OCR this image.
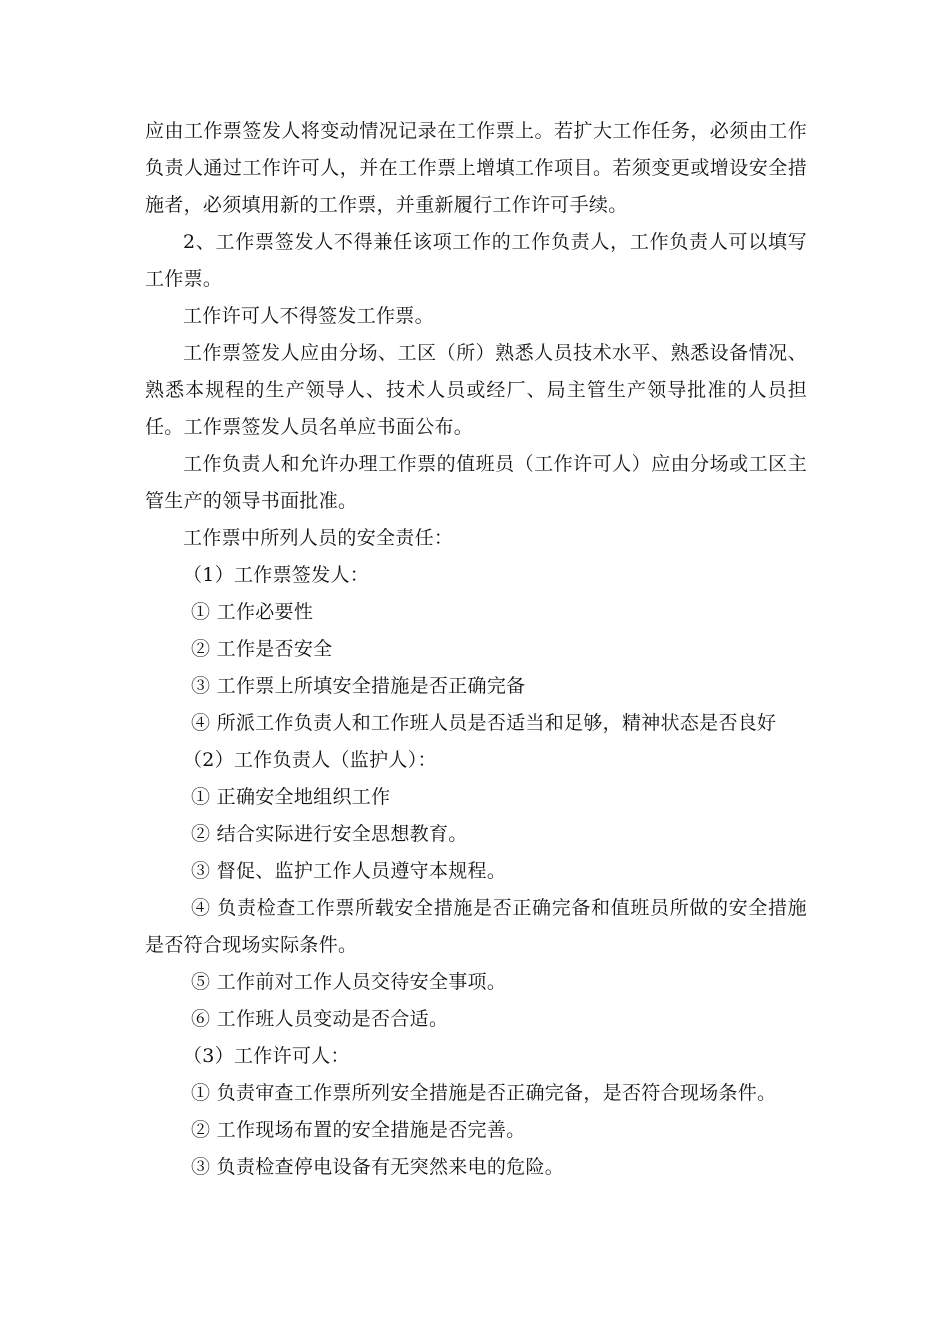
应由工作票签发人将变动情况记录在工作票上。若扩大工作任务，必须由工作负责人通过工作许可人，并在工作票上增填工作项目。若须变更或增设安全措施者，必须填用新的工作票，并重新履行工作许可手续。

2、工作票签发人不得兼任该项工作的工作负责人，工作负责人可以填写工作票。

工作许可人不得签发工作票。

工作票签发人应由分场、工区（所）熟悉人员技术水平、熟悉设备情况、熟悉本规程的生产领导人、技术人员或经厂、局主管生产领导批准的人员担任。工作票签发人员名单应书面公布。

工作负责人和允许办理工作票的值班员（工作许可人）应由分场或工区主管生产的领导书面批准。

工作票中所列人员的安全责任：

（1）工作票签发人：

① 工作必要性

② 工作是否安全

③ 工作票上所填安全措施是否正确完备

④ 所派工作负责人和工作班人员是否适当和足够，精神状态是否良好

（2）工作负责人（监护人）：

① 正确安全地组织工作

② 结合实际进行安全思想教育。

③ 督促、监护工作人员遵守本规程。

④ 负责检查工作票所载安全措施是否正确完备和值班员所做的安全措施是否符合现场实际条件。

⑤ 工作前对工作人员交待安全事项。

⑥ 工作班人员变动是否合适。

（3）工作许可人：

① 负责审查工作票所列安全措施是否正确完备，是否符合现场条件。

② 工作现场布置的安全措施是否完善。

③ 负责检查停电设备有无突然来电的危险。
